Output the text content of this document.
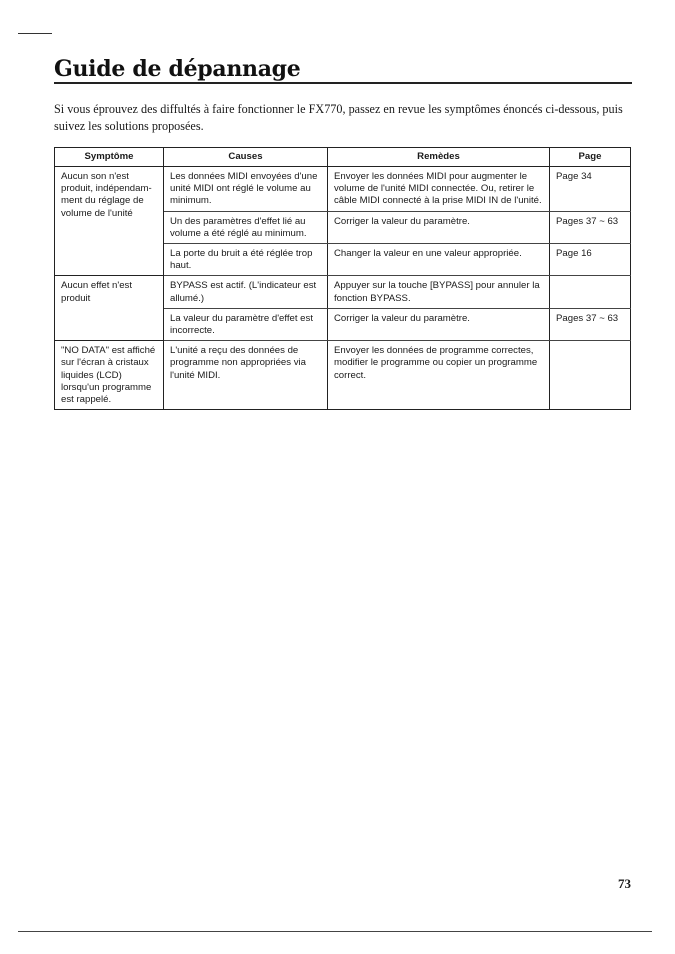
Guide de dépannage

Si vous éprouvez des diffultés à faire fonctionner le FX770, passez en revue les symptômes énoncés ci-dessous, puis suivez les solutions proposées.

Symptôme	Causes	Remèdes	Page
Aucun son n'est produit, indépendam-ment du réglage de volume de l'unité	Les données MIDI envoyées d'une unité MIDI ont réglé le volume au minimum.	Envoyer les données MIDI pour augmenter le volume de l'unité MIDI connectée. Ou, retirer le câble MIDI connecté à la prise MIDI IN de l'unité.	Page 34
	Un des paramètres d'effet lié au volume a été réglé au minimum.	Corriger la valeur du paramètre.	Pages 37 ~ 63
	La porte du bruit a été réglée trop haut.	Changer la valeur en une valeur appropriée.	Page 16
Aucun effet n'est produit	BYPASS est actif. (L'indicateur est allumé.)	Appuyer sur la touche [BYPASS] pour annuler la fonction BYPASS.	
	La valeur du paramètre d'effet est incorrecte.	Corriger la valeur du paramètre.	Pages 37 ~ 63
"NO DATA" est affiché sur l'écran à cristaux liquides (LCD) lorsqu'un programme est rappelé.	L'unité a reçu des données de programme non appropriées via l'unité MIDI.	Envoyer les données de programme correctes, modifier le programme ou copier un programme correct.	

73
